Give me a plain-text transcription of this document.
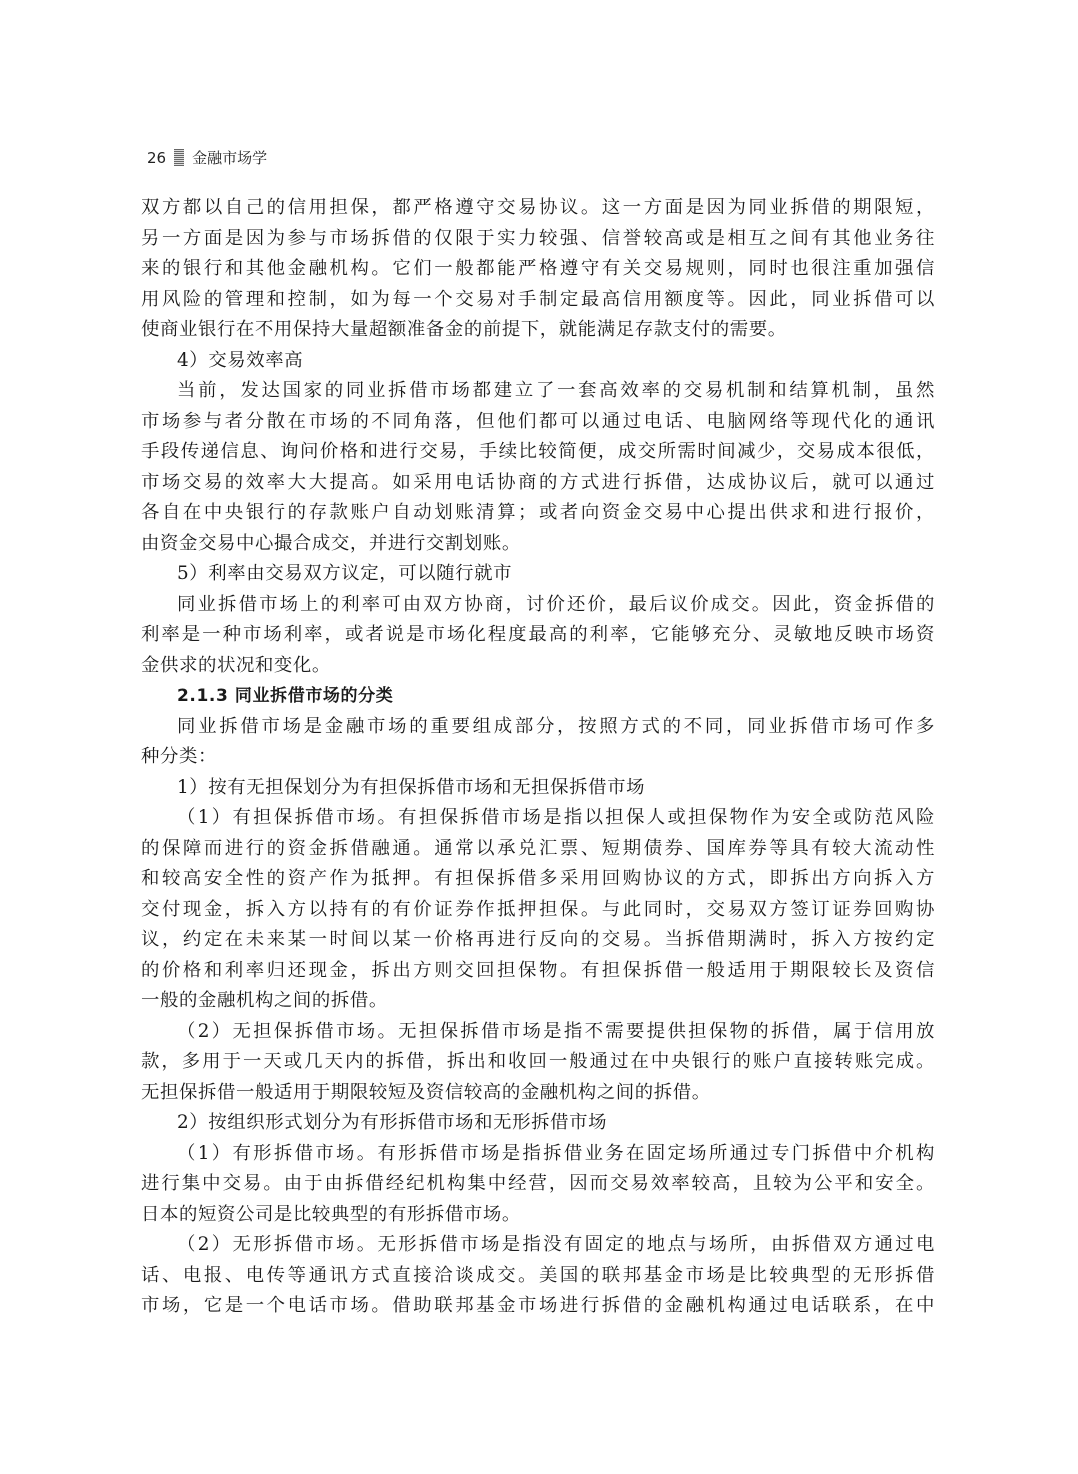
26 金融市场学
双方都以自己的信用担保，都严格遵守交易协议。这一方面是因为同业拆借的期限短，
另一方面是因为参与市场拆借的仅限于实力较强、信誉较高或是相互之间有其他业务往
来的银行和其他金融机构。它们一般都能严格遵守有关交易规则，同时也很注重加强信
用风险的管理和控制，如为每一个交易对手制定最高信用额度等。因此，同业拆借可以
使商业银行在不用保持大量超额准备金的前提下，就能满足存款支付的需要。
4）交易效率高
当前，发达国家的同业拆借市场都建立了一套高效率的交易机制和结算机制，虽然
市场参与者分散在市场的不同角落，但他们都可以通过电话、电脑网络等现代化的通讯
手段传递信息、询问价格和进行交易，手续比较简便，成交所需时间减少，交易成本很低，
市场交易的效率大大提高。如采用电话协商的方式进行拆借，达成协议后，就可以通过
各自在中央银行的存款账户自动划账清算；或者向资金交易中心提出供求和进行报价，
由资金交易中心撮合成交，并进行交割划账。
5）利率由交易双方议定，可以随行就市
同业拆借市场上的利率可由双方协商，讨价还价，最后议价成交。因此，资金拆借的
利率是一种市场利率，或者说是市场化程度最高的利率，它能够充分、灵敏地反映市场资
金供求的状况和变化。
2.1.3 同业拆借市场的分类
同业拆借市场是金融市场的重要组成部分，按照方式的不同，同业拆借市场可作多
种分类：
1）按有无担保划分为有担保拆借市场和无担保拆借市场
（1）有担保拆借市场。有担保拆借市场是指以担保人或担保物作为安全或防范风险
的保障而进行的资金拆借融通。通常以承兑汇票、短期债券、国库券等具有较大流动性
和较高安全性的资产作为抵押。有担保拆借多采用回购协议的方式，即拆出方向拆入方
交付现金，拆入方以持有的有价证券作抵押担保。与此同时，交易双方签订证券回购协
议，约定在未来某一时间以某一价格再进行反向的交易。当拆借期满时，拆入方按约定
的价格和利率归还现金，拆出方则交回担保物。有担保拆借一般适用于期限较长及资信
一般的金融机构之间的拆借。
（2）无担保拆借市场。无担保拆借市场是指不需要提供担保物的拆借，属于信用放
款，多用于一天或几天内的拆借，拆出和收回一般通过在中央银行的账户直接转账完成。
无担保拆借一般适用于期限较短及资信较高的金融机构之间的拆借。
2）按组织形式划分为有形拆借市场和无形拆借市场
（1）有形拆借市场。有形拆借市场是指拆借业务在固定场所通过专门拆借中介机构
进行集中交易。由于由拆借经纪机构集中经营，因而交易效率较高，且较为公平和安全。
日本的短资公司是比较典型的有形拆借市场。
（2）无形拆借市场。无形拆借市场是指没有固定的地点与场所，由拆借双方通过电
话、电报、电传等通讯方式直接洽谈成交。美国的联邦基金市场是比较典型的无形拆借
市场，它是一个电话市场。借助联邦基金市场进行拆借的金融机构通过电话联系，在中
